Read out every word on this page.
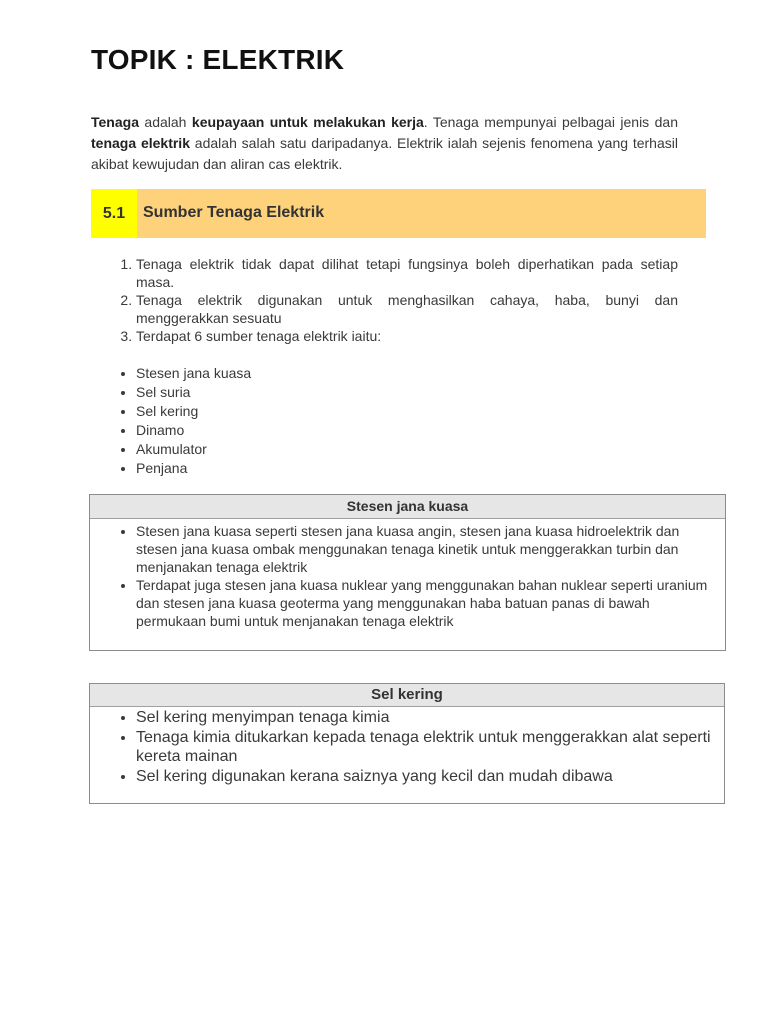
TOPIK : ELEKTRIK

Tenaga adalah keupayaan untuk melakukan kerja. Tenaga mempunyai pelbagai jenis dan tenaga elektrik adalah salah satu daripadanya. Elektrik ialah sejenis fenomena yang terhasil akibat kewujudan dan aliran cas elektrik.

5.1	Sumber Tenaga Elektrik
1. Tenaga elektrik tidak dapat dilihat tetapi fungsinya boleh diperhatikan pada setiap masa.
2. Tenaga elektrik digunakan untuk menghasilkan cahaya, haba, bunyi dan menggerakkan sesuatu
3. Terdapat 6 sumber tenaga elektrik iaitu:
• Stesen jana kuasa
• Sel suria
• Sel kering
• Dinamo
• Akumulator
• Penjana
Stesen jana kuasa
• Stesen jana kuasa seperti stesen jana kuasa angin, stesen jana kuasa hidroelektrik dan stesen jana kuasa ombak menggunakan tenaga kinetik untuk menggerakkan turbin dan menjanakan tenaga elektrik
• Terdapat juga stesen jana kuasa nuklear yang menggunakan bahan nuklear seperti uranium dan stesen jana kuasa geoterma yang menggunakan haba batuan panas di bawah permukaan bumi untuk menjanakan tenaga elektrik
Sel kering
• Sel kering menyimpan tenaga kimia
• Tenaga kimia ditukarkan kepada tenaga elektrik untuk menggerakkan alat seperti kereta mainan
• Sel kering digunakan kerana saiznya yang kecil dan mudah dibawa
